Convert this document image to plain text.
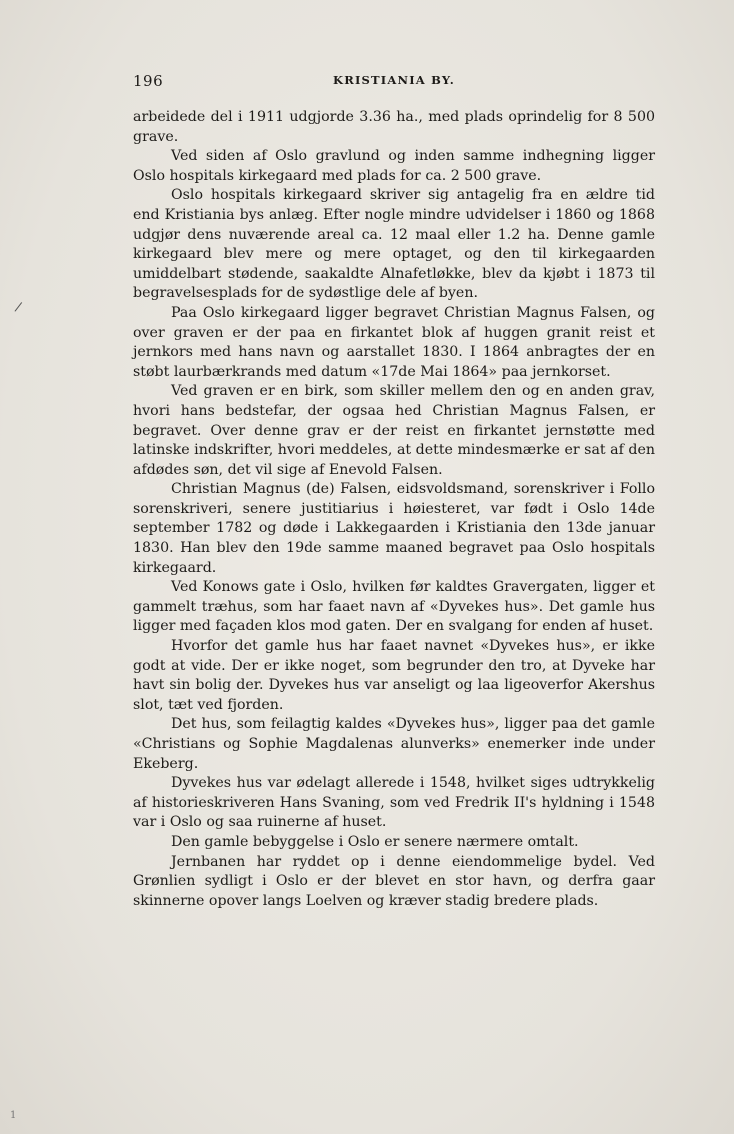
196	KRISTIANIA BY.

arbeidede del i 1911 udgjorde 3.36 ha., med plads oprindelig for 8 500 grave.

Ved siden af Oslo gravlund og inden samme indhegning ligger Oslo hospitals kirkegaard med plads for ca. 2 500 grave.

Oslo hospitals kirkegaard skriver sig antagelig fra en ældre tid end Kristiania bys anlæg. Efter nogle mindre udvidelser i 1860 og 1868 udgjør dens nuværende areal ca. 12 maal eller 1.2 ha. Denne gamle kirkegaard blev mere og mere optaget, og den til kirkegaarden umiddelbart stødende, saakaldte Alnafetløkke, blev da kjøbt i 1873 til begravelsesplads for de sydøstlige dele af byen.

Paa Oslo kirkegaard ligger begravet Christian Magnus Falsen, og over graven er der paa en firkantet blok af huggen granit reist et jernkors med hans navn og aarstallet 1830. I 1864 anbragtes der en støbt laurbærkrands med datum «17de Mai 1864» paa jernkorset.

Ved graven er en birk, som skiller mellem den og en anden grav, hvori hans bedstefar, der ogsaa hed Christian Magnus Falsen, er begravet. Over denne grav er der reist en firkantet jernstøtte med latinske indskrifter, hvori meddeles, at dette mindesmærke er sat af den afdødes søn, det vil sige af Enevold Falsen.

Christian Magnus (de) Falsen, eidsvoldsmand, sorenskriver i Follo sorenskriveri, senere justitiarius i høiesteret, var født i Oslo 14de september 1782 og døde i Lakkegaarden i Kristiania den 13de januar 1830. Han blev den 19de samme maaned begravet paa Oslo hospitals kirkegaard.

Ved Konows gate i Oslo, hvilken før kaldtes Gravergaten, ligger et gammelt træhus, som har faaet navn af «Dyvekes hus». Det gamle hus ligger med façaden klos mod gaten. Der en svalgang for enden af huset.

Hvorfor det gamle hus har faaet navnet «Dyvekes hus», er ikke godt at vide. Der er ikke noget, som begrunder den tro, at Dyveke har havt sin bolig der. Dyvekes hus var anseligt og laa ligeoverfor Akershus slot, tæt ved fjorden.

Det hus, som feilagtig kaldes «Dyvekes hus», ligger paa det gamle «Christians og Sophie Magdalenas alunverks» enemerker inde under Ekeberg.

Dyvekes hus var ødelagt allerede i 1548, hvilket siges udtrykkelig af historieskriveren Hans Svaning, som ved Fredrik II's hyldning i 1548 var i Oslo og saa ruinerne af huset.

Den gamle bebyggelse i Oslo er senere nærmere omtalt.

Jernbanen har ryddet op i denne eiendommelige bydel. Ved Grønlien sydligt i Oslo er der blevet en stor havn, og derfra gaar skinnerne opover langs Loelven og kræver stadig bredere plads.

/
1
